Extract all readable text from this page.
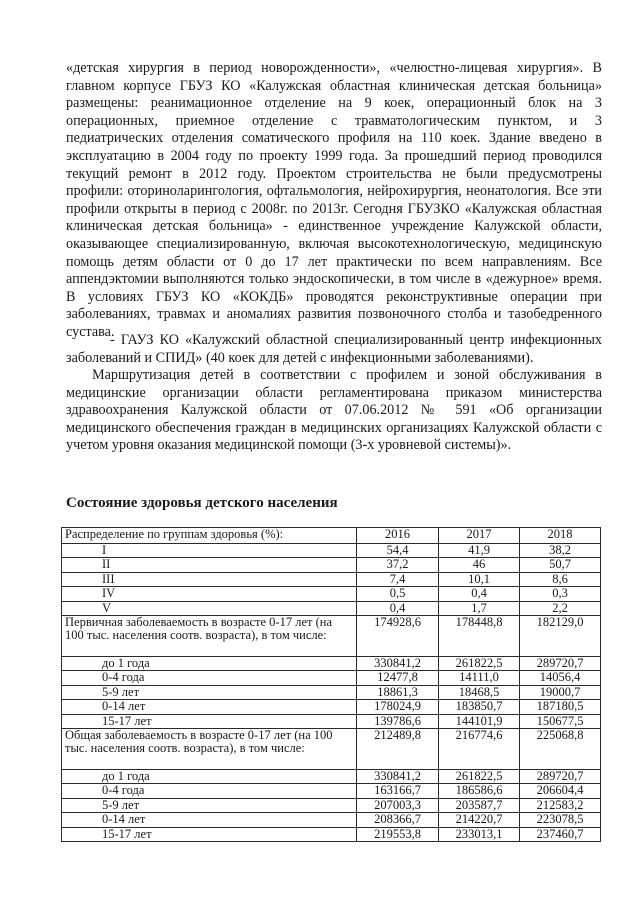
«детская хирургия в период новорожденности», «челюстно-лицевая хирургия». В главном корпусе ГБУЗ КО «Калужская областная клиническая детская больница» размещены: реанимационное отделение на 9 коек, операционный блок на 3 операционных, приемное отделение с травматологическим пунктом, и 3 педиатрических отделения соматического профиля на 110 коек. Здание введено в эксплуатацию в 2004 году по проекту 1999 года. За прошедший период проводился текущий ремонт в 2012 году. Проектом строительства не были предусмотрены профили: оториноларингология, офтальмология, нейрохирургия, неонатология. Все эти профили открыты в период с 2008г. по 2013г. Сегодня ГБУЗКО «Калужская областная клиническая детская больница» - единственное учреждение Калужской области, оказывающее специализированную, включая высокотехнологическую, медицинскую помощь детям области от 0 до 17 лет практически по всем направлениям. Все аппендэктомии выполняются только эндоскопически, в том числе в «дежурное» время. В условиях ГБУЗ КО «КОКДБ» проводятся реконструктивные операции при заболеваниях, травмах и аномалиях развития позвоночного столба и тазобедренного сустава.

- ГАУЗ КО «Калужский областной специализированный центр инфекционных заболеваний и СПИД» (40 коек для детей с инфекционными заболеваниями).

Маршрутизация детей в соответствии с профилем и зоной обслуживания в медицинские организации области регламентирована приказом министерства здравоохранения Калужской области от 07.06.2012 № 591 «Об организации медицинского обеспечения граждан в медицинских организациях Калужской области с учетом уровня оказания медицинской помощи (3-х уровневой системы)».

Состояние здоровья детского населения
Распределение по группам здоровья (%):	2016	2017	2018
I	54,4	41,9	38,2
II	37,2	46	50,7
III	7,4	10,1	8,6
IV	0,5	0,4	0,3
V	0,4	1,7	2,2
Первичная заболеваемость в возрасте 0-17 лет (на 100 тыс. населения соотв. возраста), в том числе:	174928,6	178448,8	182129,0
до 1 года	330841,2	261822,5	289720,7
0-4 года	12477,8	14111,0	14056,4
5-9 лет	18861,3	18468,5	19000,7
0-14 лет	178024,9	183850,7	187180,5
15-17 лет	139786,6	144101,9	150677,5
Общая заболеваемость в возрасте 0-17 лет (на 100 тыс. населения соотв. возраста), в том числе:	212489,8	216774,6	225068,8
до 1 года	330841,2	261822,5	289720,7
0-4 года	163166,7	186586,6	206604,4
5-9 лет	207003,3	203587,7	212583,2
0-14 лет	208366,7	214220,7	223078,5
15-17 лет	219553,8	233013,1	237460,7
